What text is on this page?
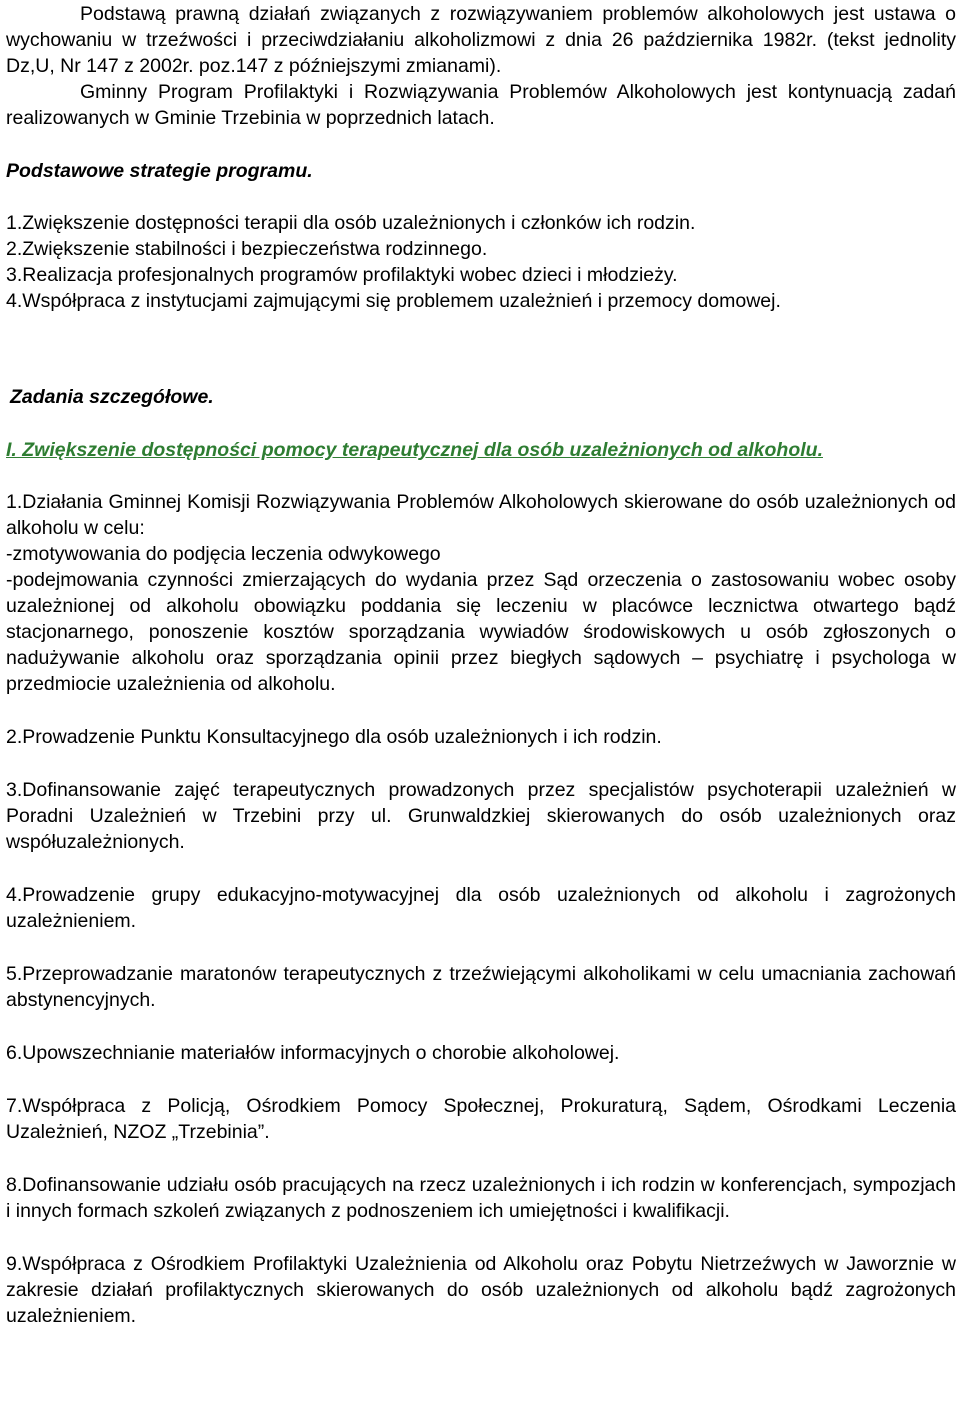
Podstawą prawną działań związanych z rozwiązywaniem problemów alkoholowych jest ustawa o wychowaniu w trzeźwości i przeciwdziałaniu alkoholizmowi z dnia 26 października 1982r. (tekst jednolity Dz,U, Nr 147 z 2002r. poz.147 z późniejszymi zmianami).

Gminny Program Profilaktyki i Rozwiązywania Problemów Alkoholowych jest kontynuacją zadań realizowanych w Gminie Trzebinia w poprzednich latach.

Podstawowe strategie programu.

1.Zwiększenie dostępności terapii dla osób uzależnionych i członków ich rodzin.
2.Zwiększenie stabilności i bezpieczeństwa rodzinnego.
3.Realizacja profesjonalnych programów profilaktyki wobec dzieci i młodzieży.
4.Współpraca z instytucjami zajmującymi się problemem uzależnień i przemocy domowej.

Zadania szczegółowe.

I. Zwiększenie dostępności pomocy terapeutycznej dla osób uzależnionych od alkoholu.

1.Działania Gminnej Komisji Rozwiązywania Problemów Alkoholowych skierowane do osób uzależnionych od alkoholu w celu:

-zmotywowania do podjęcia leczenia odwykowego

-podejmowania czynności zmierzających do wydania przez Sąd orzeczenia o zastosowaniu wobec osoby uzależnionej od alkoholu obowiązku poddania się leczeniu w placówce lecznictwa otwartego bądź stacjonarnego, ponoszenie kosztów sporządzania wywiadów środowiskowych u osób zgłoszonych o nadużywanie alkoholu oraz sporządzania opinii przez biegłych sądowych – psychiatrę i psychologa w przedmiocie uzależnienia od alkoholu.

2.Prowadzenie Punktu Konsultacyjnego dla osób uzależnionych i ich rodzin.

3.Dofinansowanie zajęć terapeutycznych prowadzonych przez specjalistów psychoterapii uzależnień w Poradni Uzależnień w Trzebini przy ul. Grunwaldzkiej skierowanych do osób uzależnionych oraz współuzależnionych.

4.Prowadzenie grupy edukacyjno-motywacyjnej dla osób uzależnionych od alkoholu i zagrożonych uzależnieniem.

5.Przeprowadzanie maratonów terapeutycznych z trzeźwiejącymi alkoholikami w celu umacniania zachowań abstynencyjnych.

6.Upowszechnianie materiałów informacyjnych o chorobie alkoholowej.

7.Współpraca z Policją, Ośrodkiem Pomocy Społecznej, Prokuraturą, Sądem, Ośrodkami Leczenia Uzależnień, NZOZ „Trzebinia”.

8.Dofinansowanie udziału osób pracujących na rzecz uzależnionych i ich rodzin w konferencjach, sympozjach i innych formach szkoleń związanych z podnoszeniem ich umiejętności i kwalifikacji.

9.Współpraca z Ośrodkiem Profilaktyki Uzależnienia od Alkoholu oraz Pobytu Nietrzeźwych w Jaworznie w zakresie działań profilaktycznych skierowanych do osób uzależnionych od alkoholu bądź zagrożonych uzależnieniem.
